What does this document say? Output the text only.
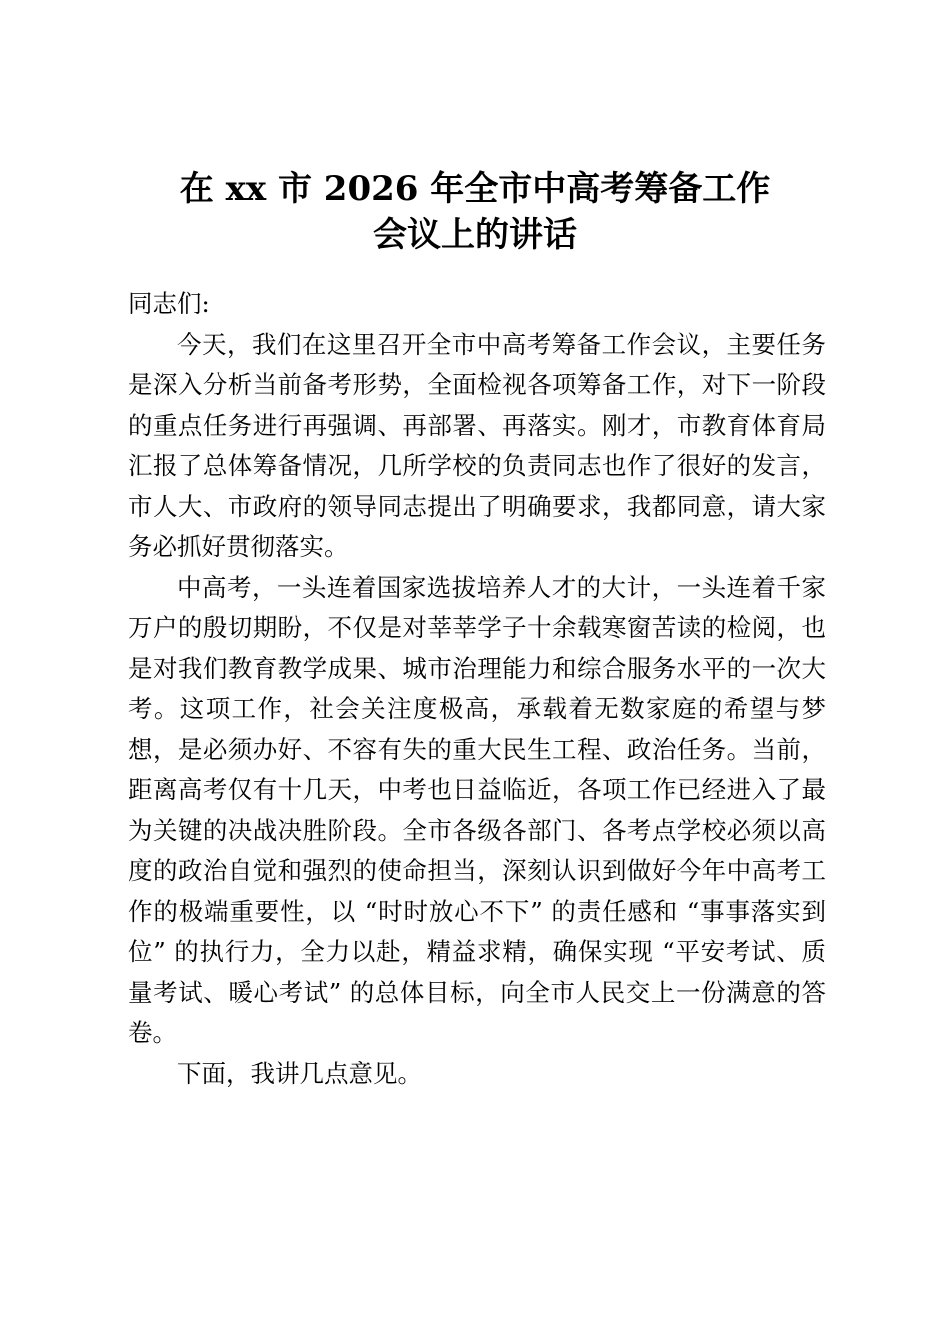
在 xx 市 2026 年全市中高考筹备工作
会议上的讲话

同志们:

今天，我们在这里召开全市中高考筹备工作会议，主要任务是深入分析当前备考形势，全面检视各项筹备工作，对下一阶段的重点任务进行再强调、再部署、再落实。刚才，市教育体育局汇报了总体筹备情况，几所学校的负责同志也作了很好的发言，市人大、市政府的领导同志提出了明确要求，我都同意，请大家务必抓好贯彻落实。

中高考，一头连着国家选拔培养人才的大计，一头连着千家万户的殷切期盼，不仅是对莘莘学子十余载寒窗苦读的检阅，也是对我们教育教学成果、城市治理能力和综合服务水平的一次大考。这项工作，社会关注度极高，承载着无数家庭的希望与梦想，是必须办好、不容有失的重大民生工程、政治任务。当前，距离高考仅有十几天，中考也日益临近，各项工作已经进入了最为关键的决战决胜阶段。全市各级各部门、各考点学校必须以高度的政治自觉和强烈的使命担当，深刻认识到做好今年中高考工作的极端重要性，以 “时时放心不下” 的责任感和 “事事落实到位” 的执行力，全力以赴，精益求精，确保实现 “平安考试、质量考试、暖心考试” 的总体目标，向全市人民交上一份满意的答卷。

下面，我讲几点意见。
